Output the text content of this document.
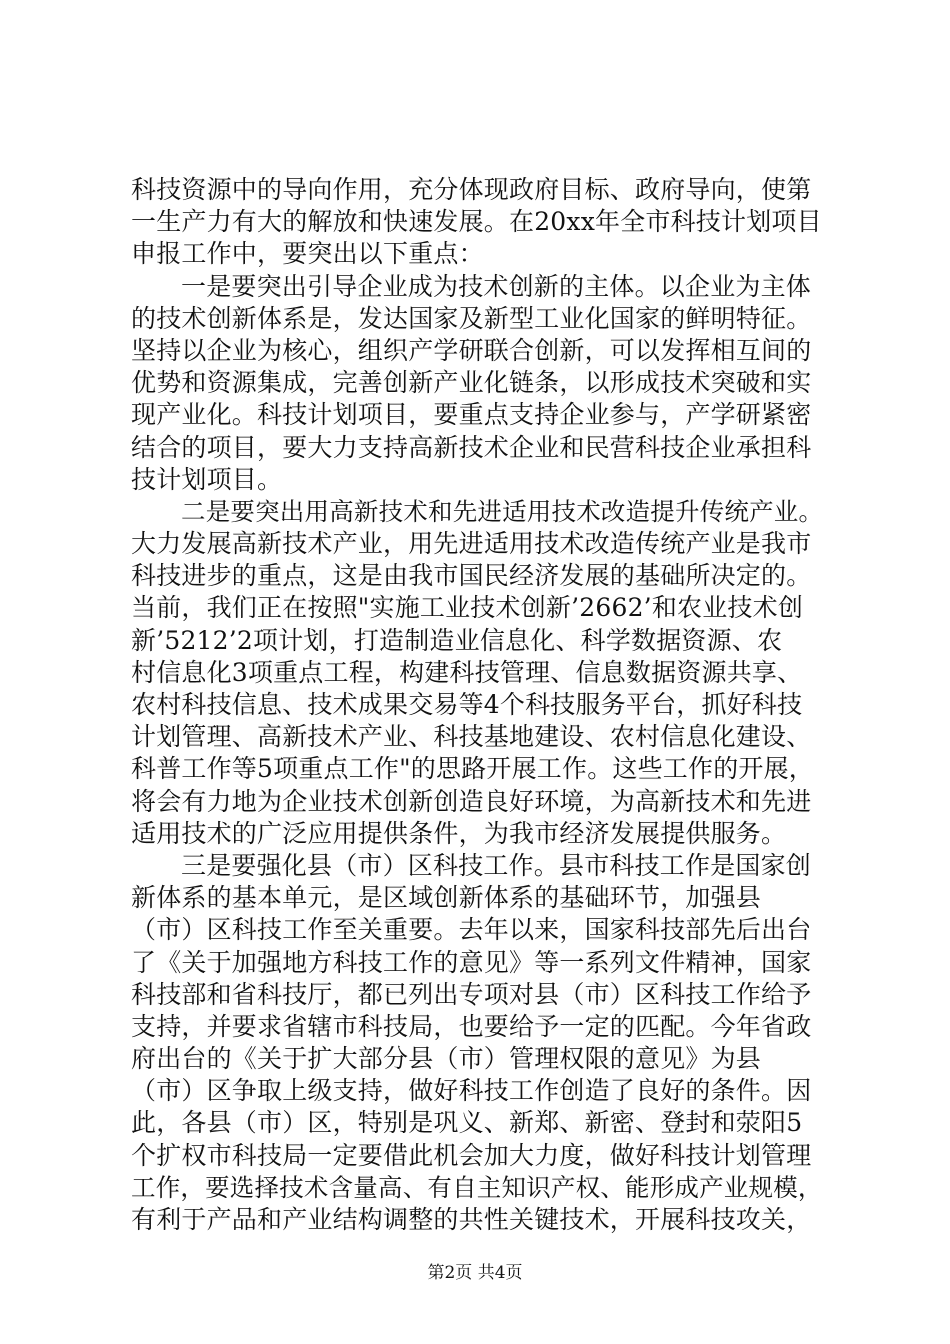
科技资源中的导向作用，充分体现政府目标、政府导向，使第
一生产力有大的解放和快速发展。在20xx年全市科技计划项目
申报工作中，要突出以下重点：
一是要突出引导企业成为技术创新的主体。以企业为主体
的技术创新体系是，发达国家及新型工业化国家的鲜明特征。
坚持以企业为核心，组织产学研联合创新，可以发挥相互间的
优势和资源集成，完善创新产业化链条，以形成技术突破和实
现产业化。科技计划项目，要重点支持企业参与，产学研紧密
结合的项目，要大力支持高新技术企业和民营科技企业承担科
技计划项目。
二是要突出用高新技术和先进适用技术改造提升传统产业。
大力发展高新技术产业，用先进适用技术改造传统产业是我市
科技进步的重点，这是由我市国民经济发展的基础所决定的。
当前，我们正在按照"实施工业技术创新’2662’和农业技术创
新’5212’2项计划，打造制造业信息化、科学数据资源、农
村信息化3项重点工程，构建科技管理、信息数据资源共享、
农村科技信息、技术成果交易等4个科技服务平台，抓好科技
计划管理、高新技术产业、科技基地建设、农村信息化建设、
科普工作等5项重点工作"的思路开展工作。这些工作的开展，
将会有力地为企业技术创新创造良好环境，为高新技术和先进
适用技术的广泛应用提供条件，为我市经济发展提供服务。
三是要强化县（市）区科技工作。县市科技工作是国家创
新体系的基本单元，是区域创新体系的基础环节，加强县
（市）区科技工作至关重要。去年以来，国家科技部先后出台
了《关于加强地方科技工作的意见》等一系列文件精神，国家
科技部和省科技厅，都已列出专项对县（市）区科技工作给予
支持，并要求省辖市科技局，也要给予一定的匹配。今年省政
府出台的《关于扩大部分县（市）管理权限的意见》为县
（市）区争取上级支持，做好科技工作创造了良好的条件。因
此，各县（市）区，特别是巩义、新郑、新密、登封和荥阳5
个扩权市科技局一定要借此机会加大力度，做好科技计划管理
工作，要选择技术含量高、有自主知识产权、能形成产业规模，
有利于产品和产业结构调整的共性关键技术，开展科技攻关，
第2页 共4页
